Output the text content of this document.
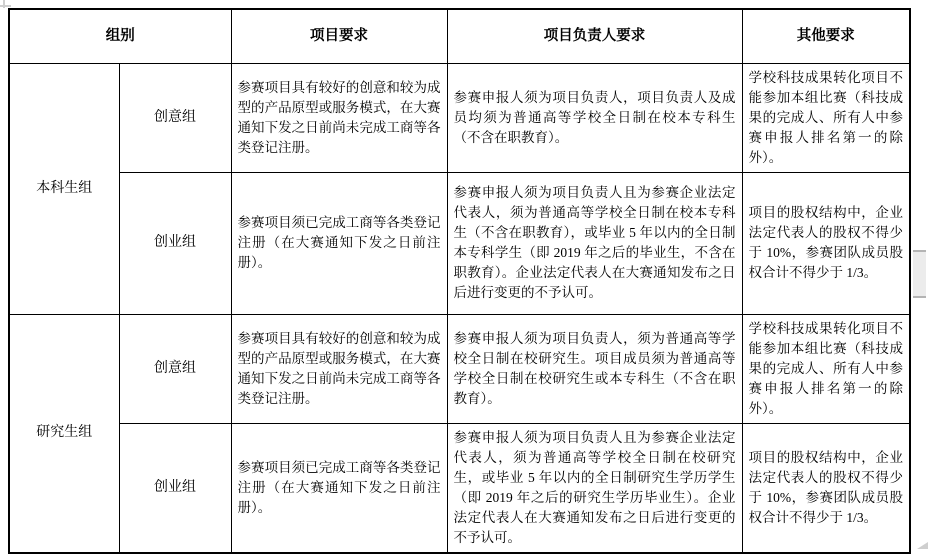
组别		项目要求	项目负责人要求	其他要求
本科生组	创意组	参赛项目具有较好的创意和较为成型的产品原型或服务模式，在大赛通知下发之日前尚未完成工商等各类登记注册。	参赛申报人须为项目负责人，项目负责人及成员均须为普通高等学校全日制在校本专科生（不含在职教育）。	学校科技成果转化项目不能参加本组比赛（科技成果的完成人、所有人中参赛申报人排名第一的除外）。
	创业组	参赛项目须已完成工商等各类登记注册（在大赛通知下发之日前注册）。	参赛申报人须为项目负责人且为参赛企业法定代表人，须为普通高等学校全日制在校本专科生（不含在职教育），或毕业 5 年以内的全日制本专科学生（即 2019 年之后的毕业生，不含在职教育）。企业法定代表人在大赛通知发布之日后进行变更的不予认可。	项目的股权结构中，企业法定代表人的股权不得少于 10%，参赛团队成员股权合计不得少于 1/3。
研究生组	创意组	参赛项目具有较好的创意和较为成型的产品原型或服务模式，在大赛通知下发之日前尚未完成工商等各类登记注册。	参赛申报人须为项目负责人，须为普通高等学校全日制在校研究生。项目成员须为普通高等学校全日制在校研究生或本专科生（不含在职教育）。	学校科技成果转化项目不能参加本组比赛（科技成果的完成人、所有人中参赛申报人排名第一的除外）。
	创业组	参赛项目须已完成工商等各类登记注册（在大赛通知下发之日前注册）。	参赛申报人须为项目负责人且为参赛企业法定代表人，须为普通高等学校全日制在校研究生，或毕业 5 年以内的全日制研究生学历学生（即 2019 年之后的研究生学历毕业生）。企业法定代表人在大赛通知发布之日后进行变更的不予认可。	项目的股权结构中，企业法定代表人的股权不得少于 10%，参赛团队成员股权合计不得少于 1/3。
